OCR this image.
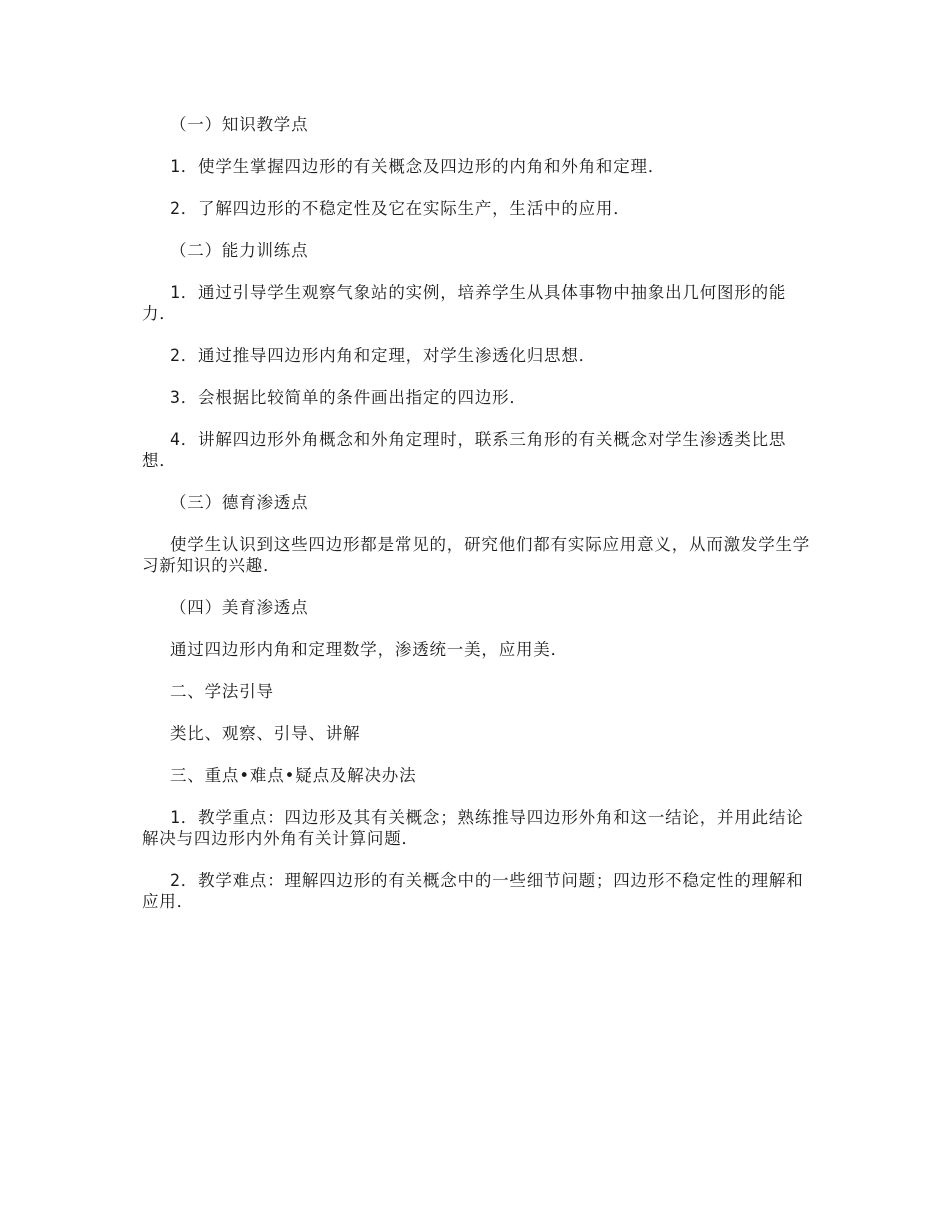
（一）知识教学点

1．使学生掌握四边形的有关概念及四边形的内角和外角和定理．

2．了解四边形的不稳定性及它在实际生产，生活中的应用．

（二）能力训练点

1．通过引导学生观察气象站的实例，培养学生从具体事物中抽象出几何图形的能力．

2．通过推导四边形内角和定理，对学生渗透化归思想．

3．会根据比较简单的条件画出指定的四边形．

4．讲解四边形外角概念和外角定理时，联系三角形的有关概念对学生渗透类比思想．

（三）德育渗透点

使学生认识到这些四边形都是常见的，研究他们都有实际应用意义，从而激发学生学习新知识的兴趣．

（四）美育渗透点

通过四边形内角和定理数学，渗透统一美，应用美．

二、学法引导

类比、观察、引导、讲解

三、重点•难点•疑点及解决办法

1．教学重点：四边形及其有关概念；熟练推导四边形外角和这一结论，并用此结论解决与四边形内外角有关计算问题．

2．教学难点：理解四边形的有关概念中的一些细节问题；四边形不稳定性的理解和应用．
